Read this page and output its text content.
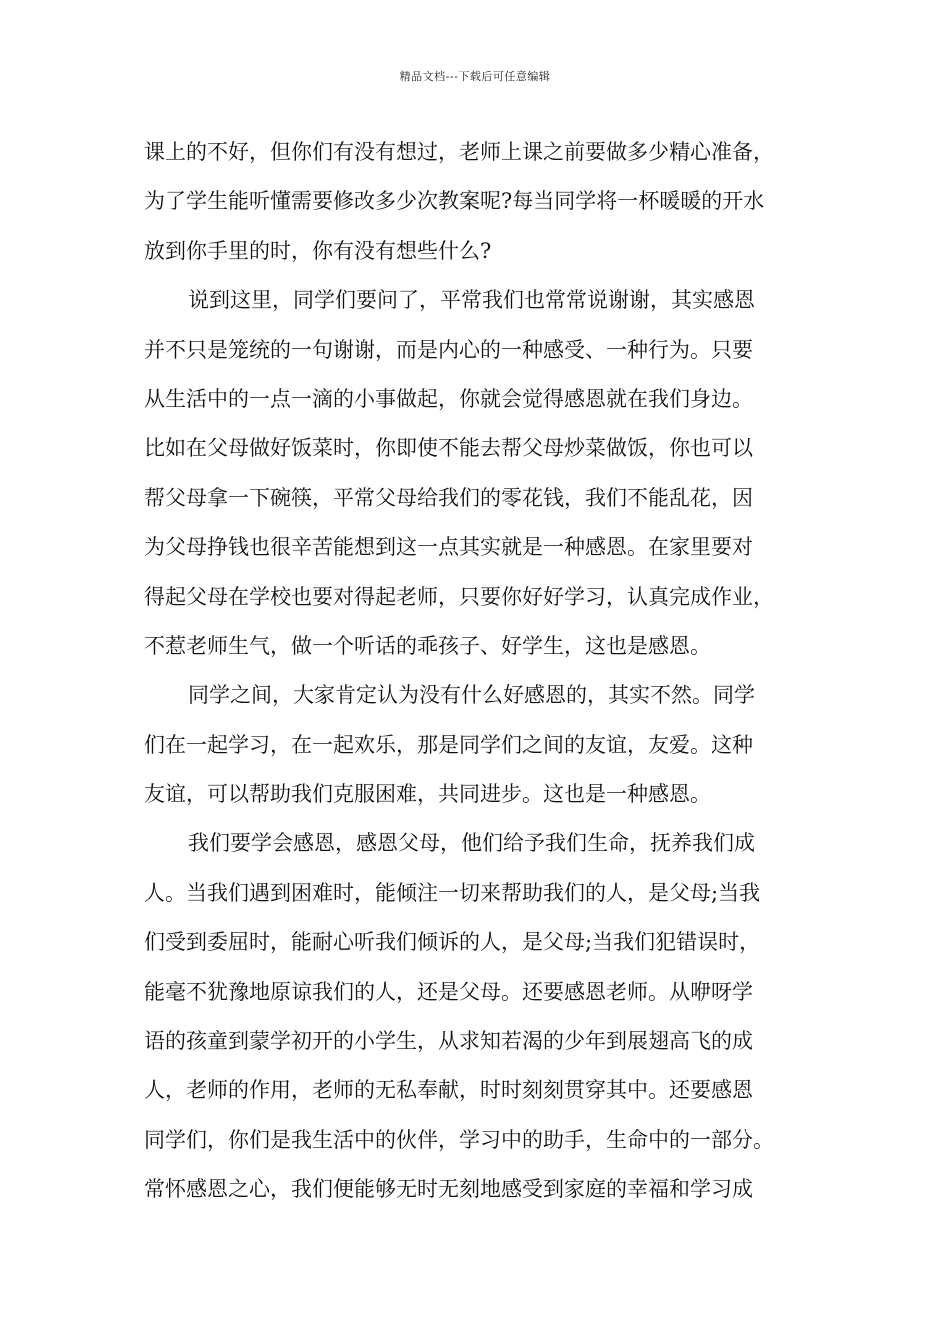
精品文档---下载后可任意编辑
课上的不好，但你们有没有想过，老师上课之前要做多少精心准备，
为了学生能听懂需要修改多少次教案呢?每当同学将一杯暖暖的开水
放到你手里的时，你有没有想些什么?
说到这里，同学们要问了，平常我们也常常说谢谢，其实感恩
并不只是笼统的一句谢谢，而是内心的一种感受、一种行为。只要
从生活中的一点一滴的小事做起，你就会觉得感恩就在我们身边。
比如在父母做好饭菜时，你即使不能去帮父母炒菜做饭，你也可以
帮父母拿一下碗筷，平常父母给我们的零花钱，我们不能乱花，因
为父母挣钱也很辛苦能想到这一点其实就是一种感恩。在家里要对
得起父母在学校也要对得起老师，只要你好好学习，认真完成作业，
不惹老师生气，做一个听话的乖孩子、好学生，这也是感恩。
同学之间，大家肯定认为没有什么好感恩的，其实不然。同学
们在一起学习，在一起欢乐，那是同学们之间的友谊，友爱。这种
友谊，可以帮助我们克服困难，共同进步。这也是一种感恩。
我们要学会感恩，感恩父母，他们给予我们生命，抚养我们成
人。当我们遇到困难时，能倾注一切来帮助我们的人，是父母;当我
们受到委屈时，能耐心听我们倾诉的人，是父母;当我们犯错误时，
能毫不犹豫地原谅我们的人，还是父母。还要感恩老师。从咿呀学
语的孩童到蒙学初开的小学生，从求知若渴的少年到展翅高飞的成
人，老师的作用，老师的无私奉献，时时刻刻贯穿其中。还要感恩
同学们，你们是我生活中的伙伴，学习中的助手，生命中的一部分。
常怀感恩之心，我们便能够无时无刻地感受到家庭的幸福和学习成
